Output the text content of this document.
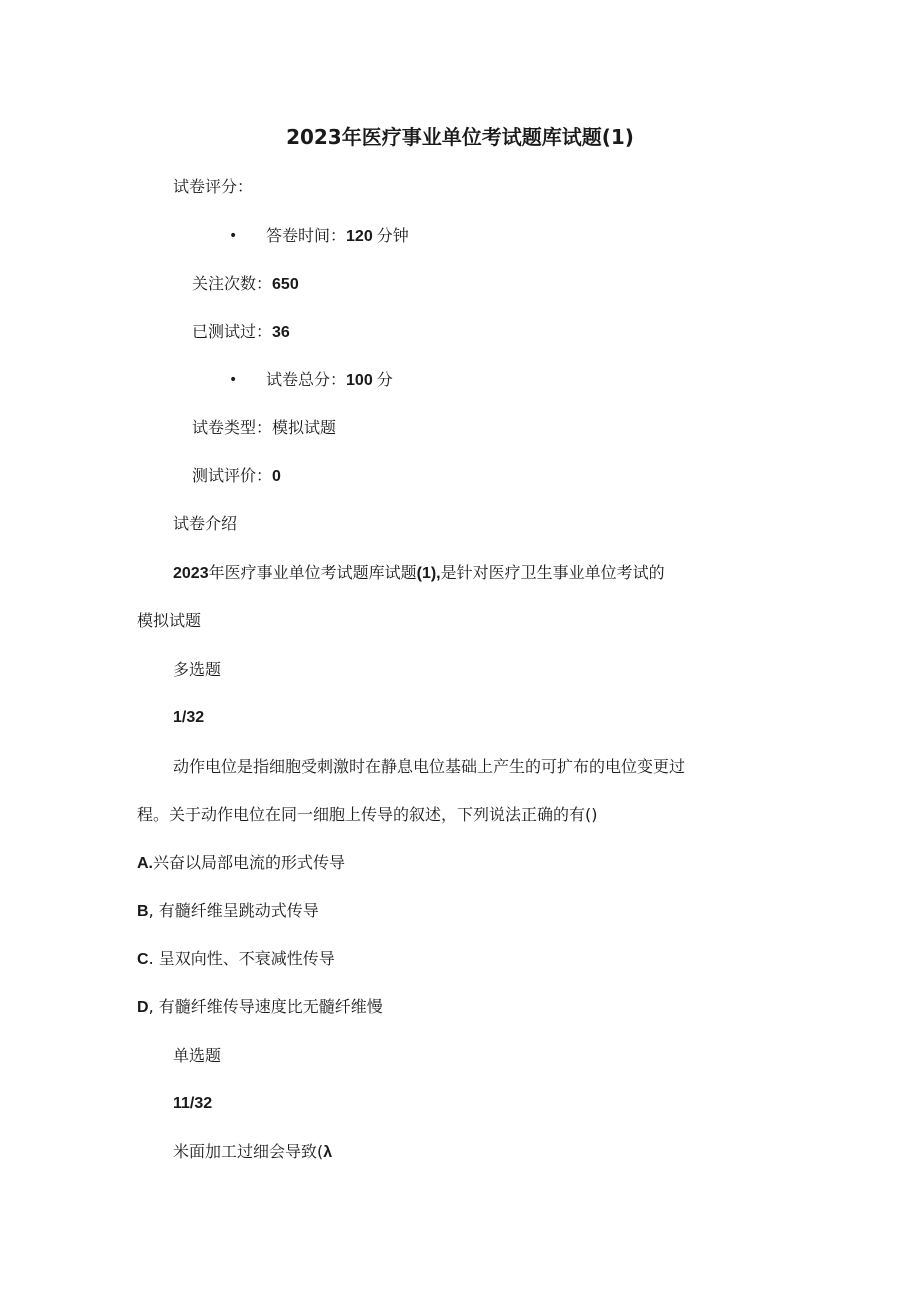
2023年医疗事业单位考试题库试题(1)
试卷评分：
• 答卷时间：120 分钟
关注次数：650
已测试过：36
• 试卷总分：100 分
试卷类型：模拟试题
测试评价：0
试卷介绍
2023年医疗事业单位考试题库试题(1),是针对医疗卫生事业单位考试的
模拟试题
多选题
1/32
动作电位是指细胞受刺激时在静息电位基础上产生的可扩布的电位变更过
程。关于动作电位在同一细胞上传导的叙述，下列说法正确的有()
A.兴奋以局部电流的形式传导
B, 有髓纤维呈跳动式传导
C. 呈双向性、不衰减性传导
D, 有髓纤维传导速度比无髓纤维慢
单选题
11/32
米面加工过细会导致(λ
